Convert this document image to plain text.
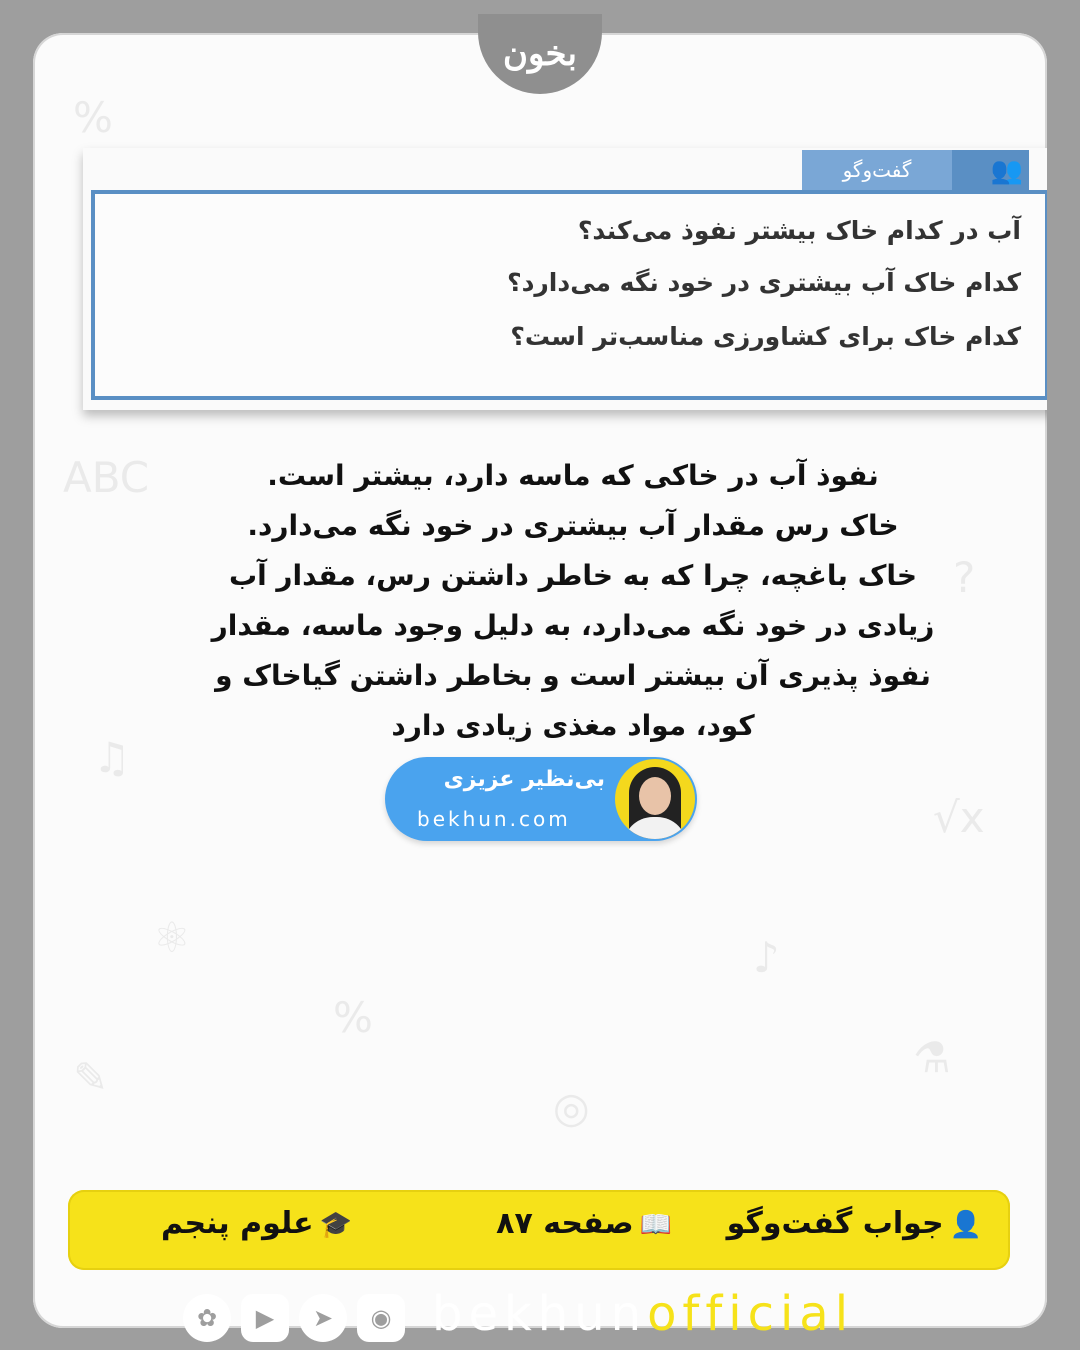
%
ABC
♫
⚛
✎
?
√x
⚗
%
◎
♪
گفت‌وگو	👥
آب در کدام خاک بیشتر نفوذ می‌کند؟
کدام خاک آب بیشتری در خود نگه می‌دارد؟
کدام خاک برای کشاورزی مناسب‌تر است؟
نفوذ آب در خاکی که ماسه دارد، بیشتر است.
خاک رس مقدار آب بیشتری در خود نگه می‌دارد.
خاک باغچه، چرا که به خاطر داشتن رس، مقدار آب
زیادی در خود نگه می‌دارد، به دلیل وجود ماسه، مقدار
نفوذ پذیری آن بیشتر است و بخاطر داشتن گیاخاک و
کود، مواد مغذی زیادی دارد
بخون
بی‌نظیر عزیزی
bekhun.com
👤جواب گفت‌وگو
📖صفحه ۸۷
🎓علوم پنجم
✿	▶	➤	◉ bekhunofficial
